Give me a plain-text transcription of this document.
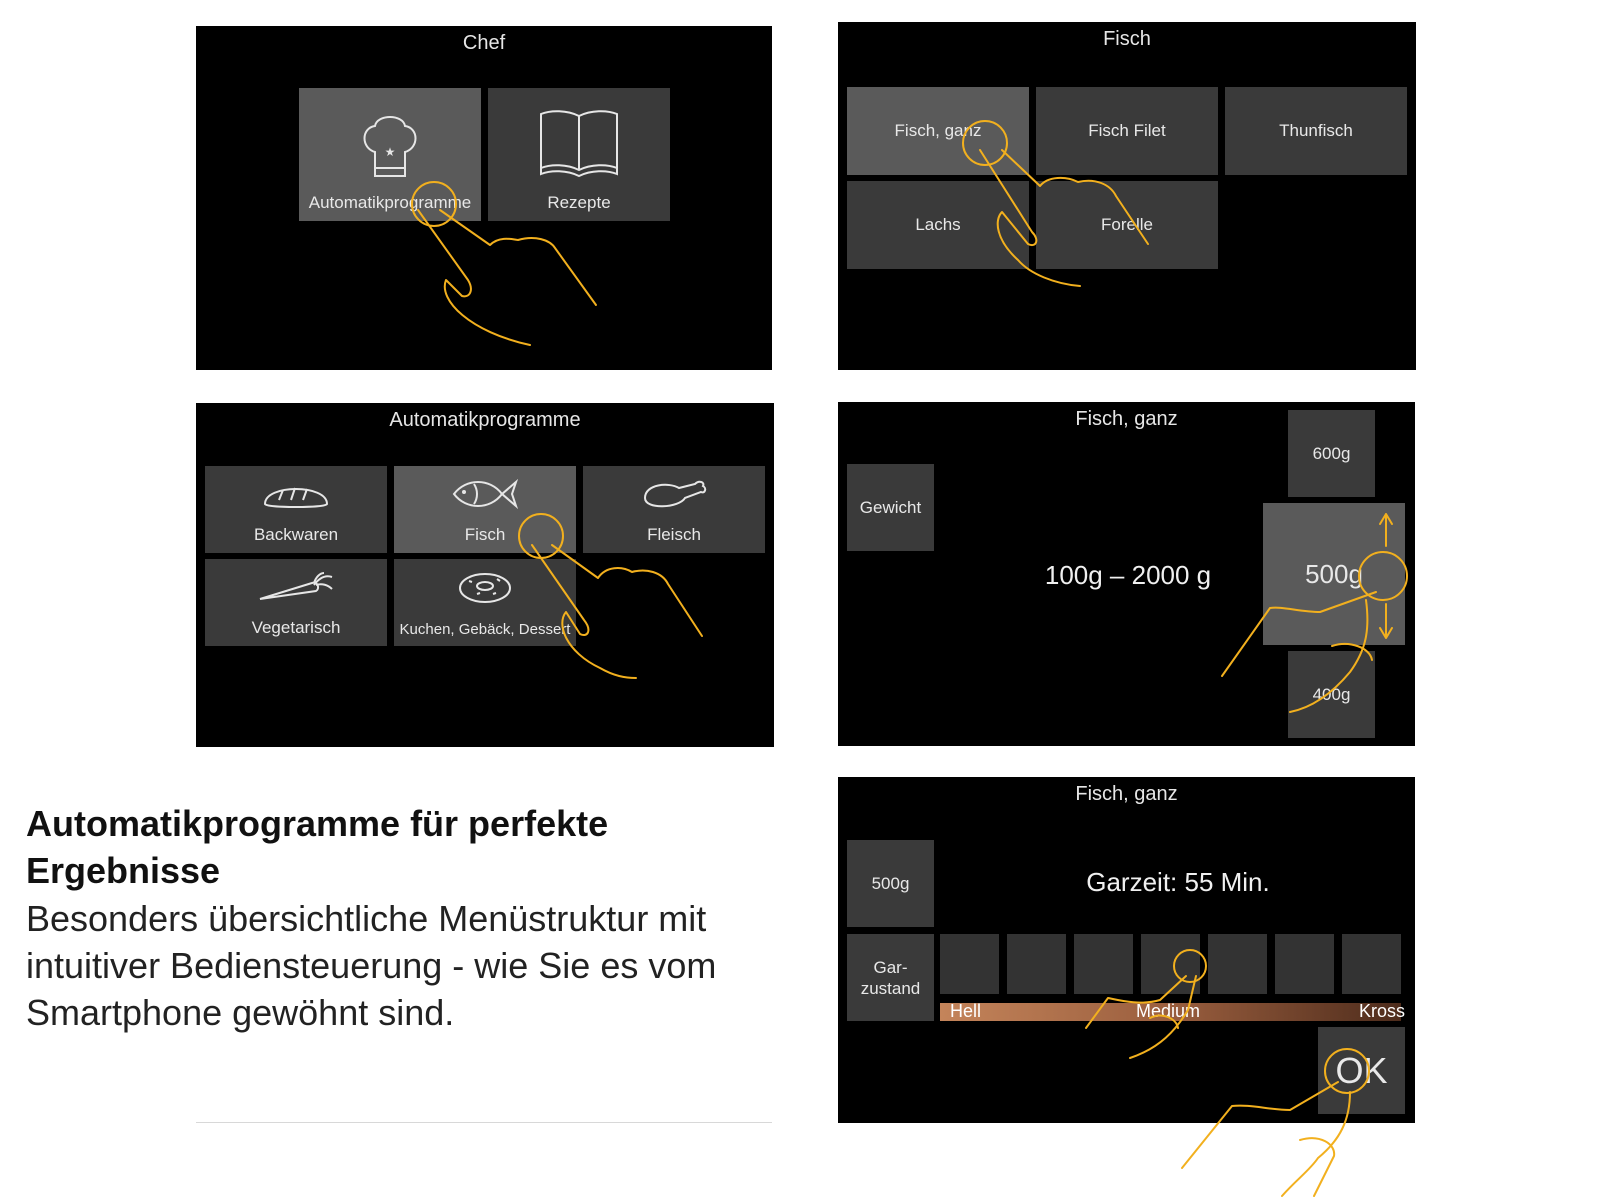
Chef
★
Automatikprogramme	Rezepte
Fisch
Fisch, ganz	Fisch Filet	Thunfisch
Lachs	Forelle
Automatikprogramme
Backwaren	Fisch	Fleisch
Vegetarisch	Kuchen, Gebäck, Dessert
Fisch, ganz
Gewicht
100g – 2000 g
600g
500g
400g
Fisch, ganz
500g	Garzeit: 55 Min.
Gar-
zustand
Hell	Medium	Kross
OK
Automatikprogramme für perfekte Ergebnisse
Besonders übersichtliche Menüstruktur mit intuitiver Bediensteuerung - wie Sie es vom Smartphone gewöhnt sind.
